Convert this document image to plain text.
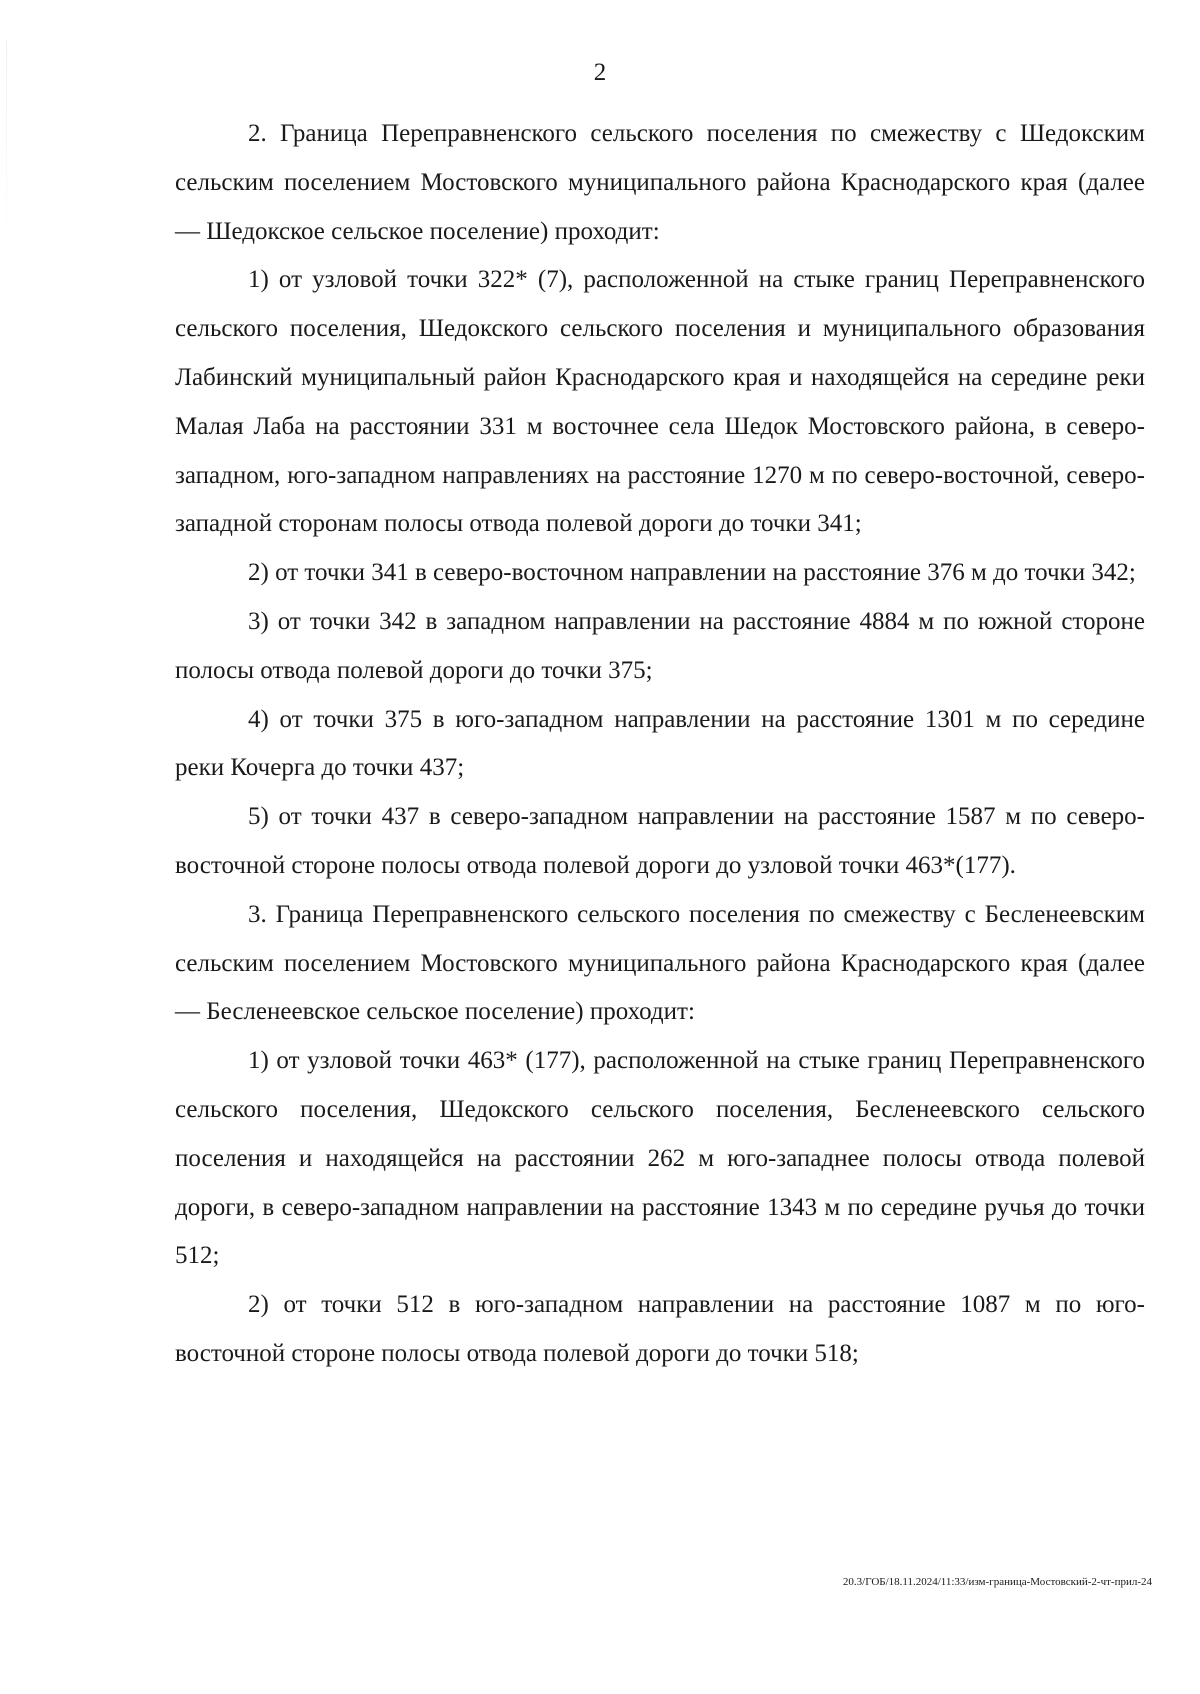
2

2. Граница Переправненского сельского поселения по смежеству с Шедокским сельским поселением Мостовского муниципального района Краснодарского края (далее — Шедокское сельское поселение) проходит:

1) от узловой точки 322* (7), расположенной на стыке границ Переправненского сельского поселения, Шедокского сельского поселения и муниципального образования Лабинский муниципальный район Краснодарского края и находящейся на середине реки Малая Лаба на расстоянии 331 м восточнее села Шедок Мостовского района, в северо-западном, юго-западном направлениях на расстояние 1270 м по северо-восточной, северо-западной сторонам полосы отвода полевой дороги до точки 341;

2) от точки 341 в северо-восточном направлении на расстояние 376 м до точки 342;

3) от точки 342 в западном направлении на расстояние 4884 м по южной стороне полосы отвода полевой дороги до точки 375;

4) от точки 375 в юго-западном направлении на расстояние 1301 м по середине реки Кочерга до точки 437;

5) от точки 437 в северо-западном направлении на расстояние 1587 м по северо-восточной стороне полосы отвода полевой дороги до узловой точки 463*(177).

3. Граница Переправненского сельского поселения по смежеству с Бесленеевским сельским поселением Мостовского муниципального района Краснодарского края (далее — Бесленеевское сельское поселение) проходит:

1) от узловой точки 463* (177), расположенной на стыке границ Переправненского сельского поселения, Шедокского сельского поселения, Бесленеевского сельского поселения и находящейся на расстоянии 262 м юго-западнее полосы отвода полевой дороги, в северо-западном направлении на расстояние 1343 м по середине ручья до точки 512;

2) от точки 512 в юго-западном направлении на расстояние 1087 м по юго-восточной стороне полосы отвода полевой дороги до точки 518;

20.3/ГОБ/18.11.2024/11:33/изм-граница-Мостовский-2-чт-прил-24
